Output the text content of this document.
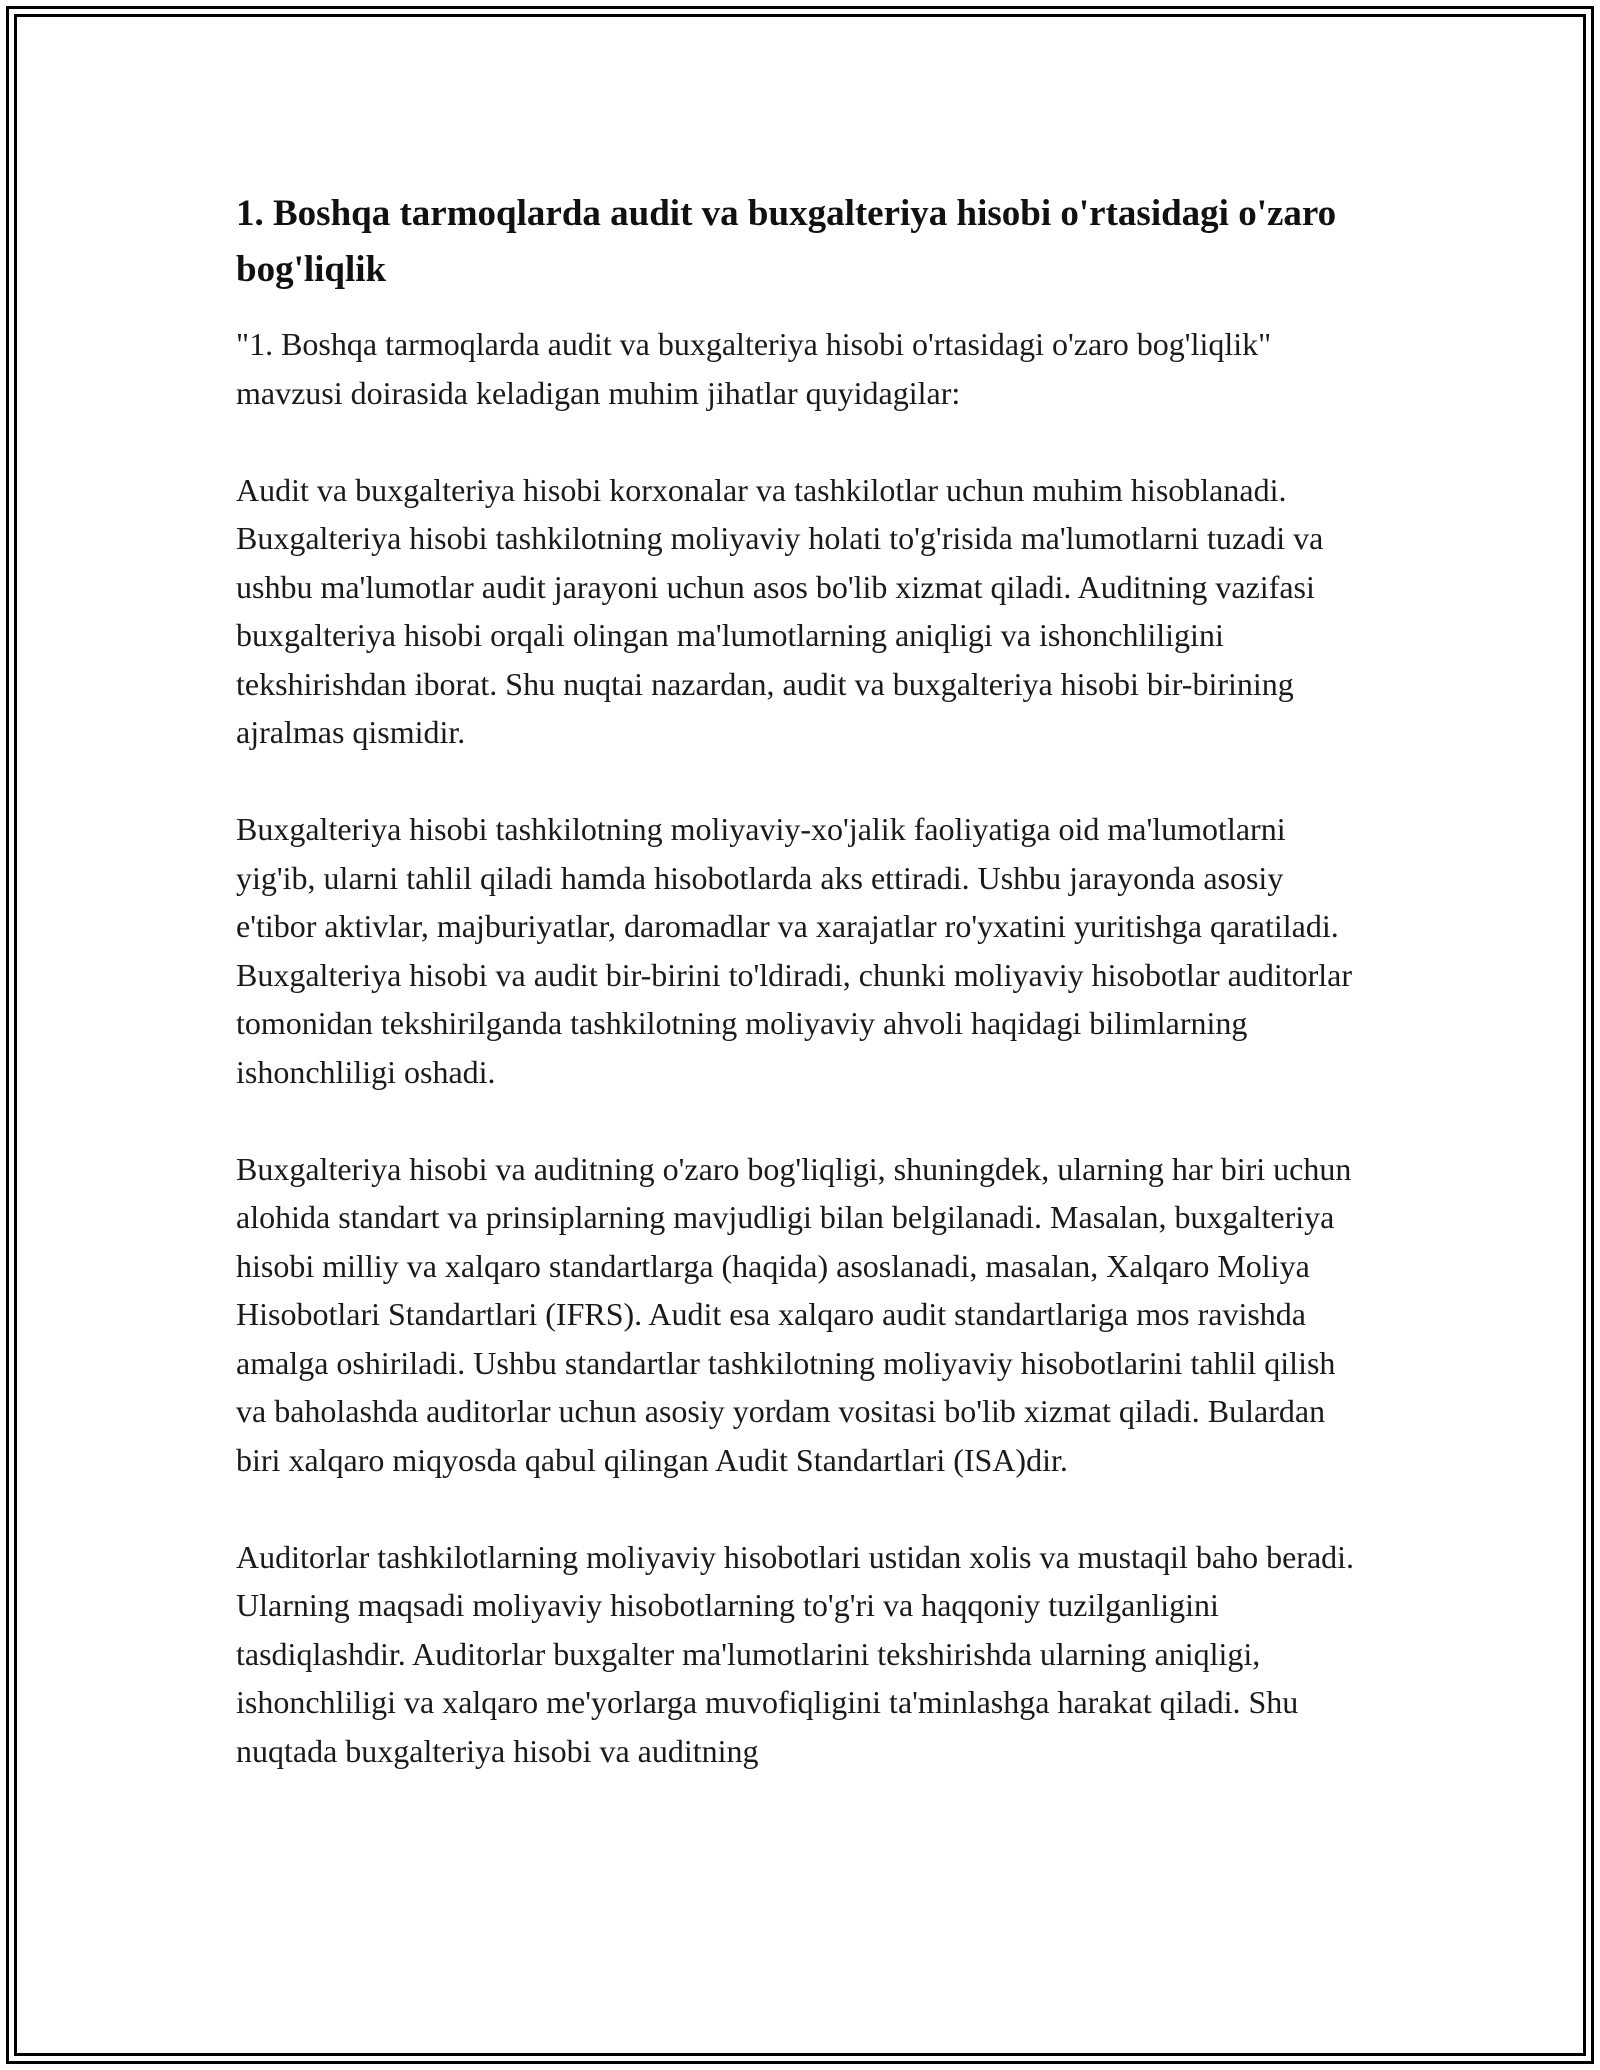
1. Boshqa tarmoqlarda audit va buxgalteriya hisobi o'rtasidagi o'zaro bog'liqlik

"1. Boshqa tarmoqlarda audit va buxgalteriya hisobi o'rtasidagi o'zaro bog'liqlik" mavzusi doirasida keladigan muhim jihatlar quyidagilar:

Audit va buxgalteriya hisobi korxonalar va tashkilotlar uchun muhim hisoblanadi. Buxgalteriya hisobi tashkilotning moliyaviy holati to'g'risida ma'lumotlarni tuzadi va ushbu ma'lumotlar audit jarayoni uchun asos bo'lib xizmat qiladi. Auditning vazifasi buxgalteriya hisobi orqali olingan ma'lumotlarning aniqligi va ishonchliligini tekshirishdan iborat. Shu nuqtai nazardan, audit va buxgalteriya hisobi bir-birining ajralmas qismidir.

Buxgalteriya hisobi tashkilotning moliyaviy-xo'jalik faoliyatiga oid ma'lumotlarni yig'ib, ularni tahlil qiladi hamda hisobotlarda aks ettiradi. Ushbu jarayonda asosiy e'tibor aktivlar, majburiyatlar, daromadlar va xarajatlar ro'yxatini yuritishga qaratiladi. Buxgalteriya hisobi va audit bir-birini to'ldiradi, chunki moliyaviy hisobotlar auditorlar tomonidan tekshirilganda tashkilotning moliyaviy ahvoli haqidagi bilimlarning ishonchliligi oshadi.

Buxgalteriya hisobi va auditning o'zaro bog'liqligi, shuningdek, ularning har biri uchun alohida standart va prinsiplarning mavjudligi bilan belgilanadi. Masalan, buxgalteriya hisobi milliy va xalqaro standartlarga (haqida) asoslanadi, masalan, Xalqaro Moliya Hisobotlari Standartlari (IFRS). Audit esa xalqaro audit standartlariga mos ravishda amalga oshiriladi. Ushbu standartlar tashkilotning moliyaviy hisobotlarini tahlil qilish va baholashda auditorlar uchun asosiy yordam vositasi bo'lib xizmat qiladi. Bulardan biri xalqaro miqyosda qabul qilingan Audit Standartlari (ISA)dir.

Auditorlar tashkilotlarning moliyaviy hisobotlari ustidan xolis va mustaqil baho beradi. Ularning maqsadi moliyaviy hisobotlarning to'g'ri va haqqoniy tuzilganligini tasdiqlashdir. Auditorlar buxgalter ma'lumotlarini tekshirishda ularning aniqligi, ishonchliligi va xalqaro me'yorlarga muvofiqligini ta'minlashga harakat qiladi. Shu nuqtada buxgalteriya hisobi va auditning
